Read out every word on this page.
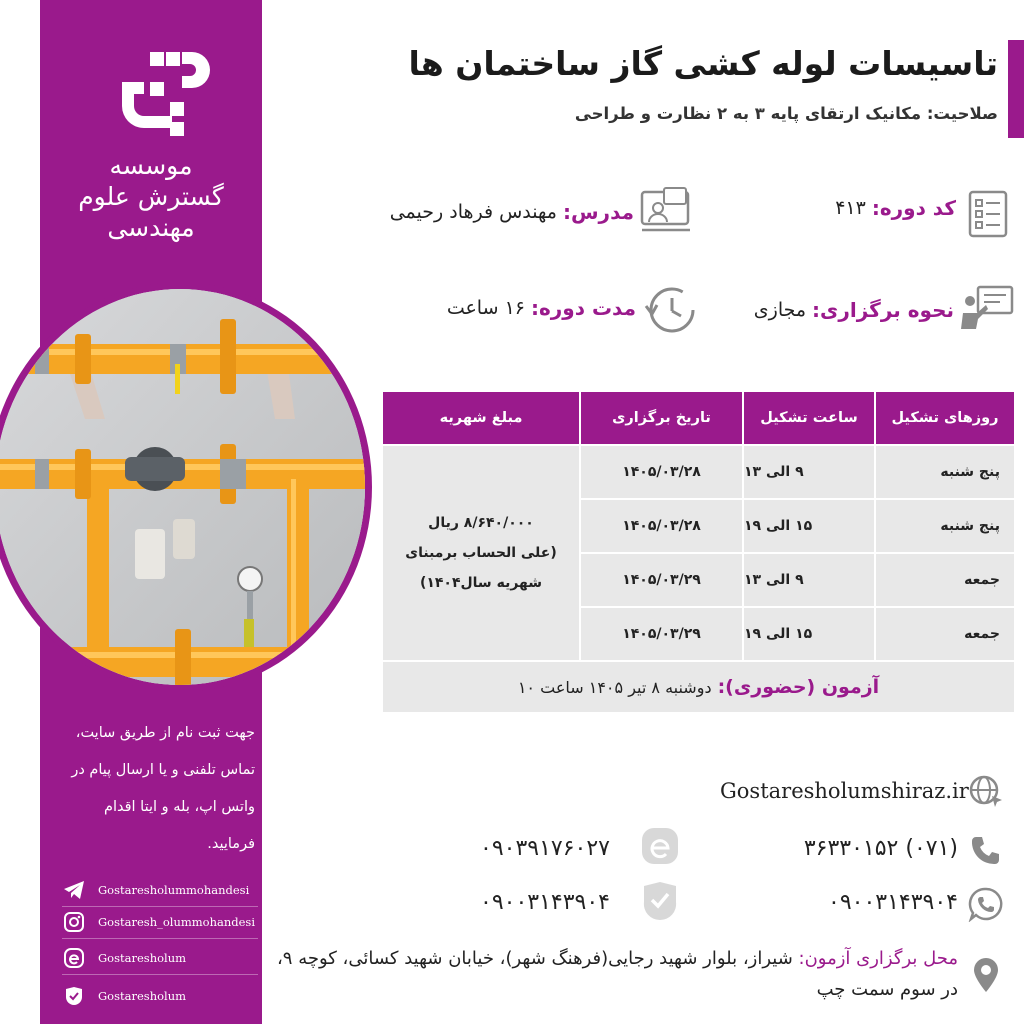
موسسه
گسترش علوم
مهندسی
جهت ثبت نام از طریق سایت، تماس تلفنی و یا ارسال پیام در واتس اپ، بله و ایتا اقدام فرمایید.
Gostaresholummohandesi
Gostaresh_olummohandesi
Gostaresholum
Gostaresholum
تاسیسات لوله کشی گاز ساختمان ها
صلاحیت: مکانیک ارتقای پایه ۳ به ۲ نظارت و طراحی
کد دوره:
۴۱۳
مدرس:
مهندس فرهاد رحیمی
نحوه برگزاری:
مجازی
مدت دوره:
۱۶ ساعت
روزهای تشکیل
ساعت تشکیل
تاریخ برگزاری
مبلغ شهریه
پنج شنبه
۹ الی ۱۳
۱۴۰۵/۰۳/۲۸
پنج شنبه
۱۵ الی ۱۹
۱۴۰۵/۰۳/۲۸
جمعه
۹ الی ۱۳
۱۴۰۵/۰۳/۲۹
جمعه
۱۵ الی ۱۹
۱۴۰۵/۰۳/۲۹
۸/۶۴۰/۰۰۰ ریال
(علی الحساب برمبنای
شهریه سال۱۴۰۴)
آزمون (حضوری):
دوشنبه ۸ تیر ۱۴۰۵ ساعت ۱۰
Gostaresholumshiraz.ir
(۰۷۱) ۳۶۳۳۰۱۵۲
۰۹۰۰۳۱۴۳۹۰۴
۰۹۰۳۹۱۷۶۰۲۷
۰۹۰۰۳۱۴۳۹۰۴
محل برگزاری آزمون: شیراز، بلوار شهید رجایی(فرهنگ شهر)، خیابان شهید کسائی، کوچه ۹، در سوم سمت چپ
